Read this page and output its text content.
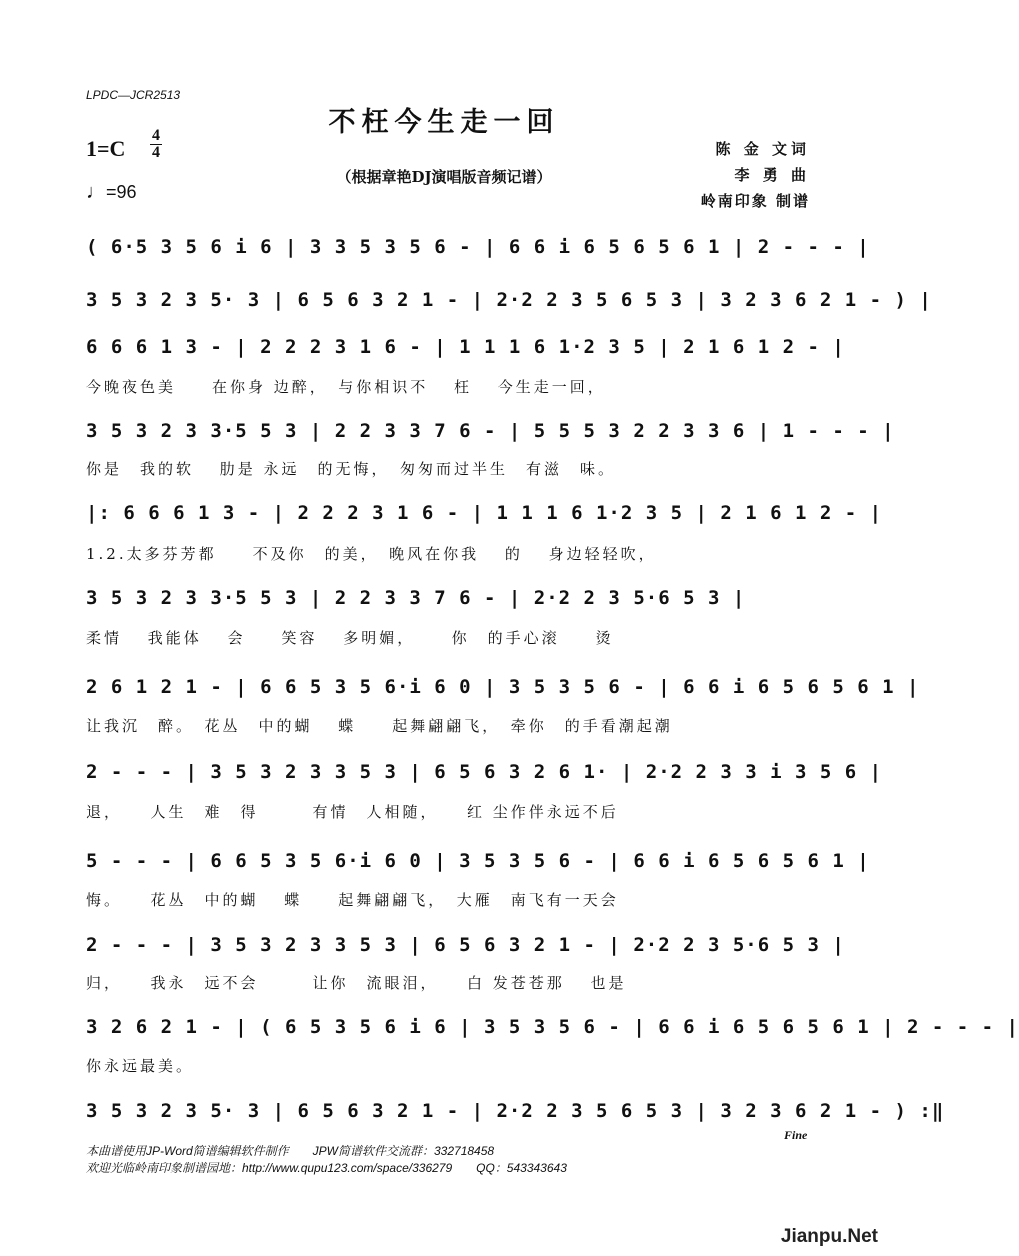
LPDC—JCR2513
不枉今生走一回
1=C
4
4
♩=96
（根据章艳DJ演唱版音频记谱）
陈 金 文词
李 勇 曲
岭南印象 制谱
( 6·5 3 5 6 i 6 | 3 3 5 3 5 6 - | 6 6 i 6 5 6 5 6 1 | 2 - - - |
3 5 3 2 3 5· 3 | 6 5 6 3 2 1 - | 2·2 2 3 5 6 5 3 | 3 2 3 6 2 1 - ) |
6 6 6 1 3 - | 2 2 2 3 1 6 - | 1 1 1 6 1·2 3 5 | 2 1 6 1 2 - |
3 5 3 2 3 3·5 5 3 | 2 2 3 3 7 6 - | 5 5 5 3 2 2 3 3 6 | 1 - - - |
|: 6 6 6 1 3 - | 2 2 2 3 1 6 - | 1 1 1 6 1·2 3 5 | 2 1 6 1 2 - |
3 5 3 2 3 3·5 5 3 | 2 2 3 3 7 6 - | 2·2 2 3 5·6 5 3 |
2 6 1 2 1 - | 6 6 5 3 5 6·i 6 0 | 3 5 3 5 6 - | 6 6 i 6 5 6 5 6 1 |
2 - - - | 3 5 3 2 3 3 5 3 | 6 5 6 3 2 6 1· | 2·2 2 3 3 i 3 5 6 |
5 - - - | 6 6 5 3 5 6·i 6 0 | 3 5 3 5 6 - | 6 6 i 6 5 6 5 6 1 |
2 - - - | 3 5 3 2 3 3 5 3 | 6 5 6 3 2 1 - | 2·2 2 3 5·6 5 3 |
3 2 6 2 1 - | ( 6 5 3 5 6 i 6 | 3 5 3 5 6 - | 6 6 i 6 5 6 5 6 1 | 2 - - - |
3 5 3 2 3 5· 3 | 6 5 6 3 2 1 - | 2·2 2 3 5 6 5 3 | 3 2 3 6 2 1 - ) :‖
今晚夜色美　　在你身 边醉，　与你相识不　 枉　 今生走一回，
你是　我的软　 肋是 永远　的无悔，　匆匆而过半生　有滋　味。
1.2.太多芬芳都　　不及你　的美，　晚风在你我　 的　 身边轻轻吹，
柔情　 我能体　 会　　笑容　 多明媚，　　 你　的手心滚　　烫
让我沉　醉。　花丛　中的蝴　 蝶　　起舞翩翩飞，　牵你　的手看潮起潮
退，　　人生　难　得　　　有情　人相随，　　红 尘作伴永远不后
悔。　　花丛　中的蝴　 蝶　　起舞翩翩飞，　大雁　南飞有一天会
归，　　我永　远不会　　　让你　流眼泪，　　白 发苍苍那　 也是
你永远最美。
Fine
本曲谱使用JP-Word简谱编辑软件制作　　JPW简谱软件交流群：332718458
欢迎光临岭南印象制谱园地：http://www.qupu123.com/space/336279　　QQ：543343643
Jianpu.Net
